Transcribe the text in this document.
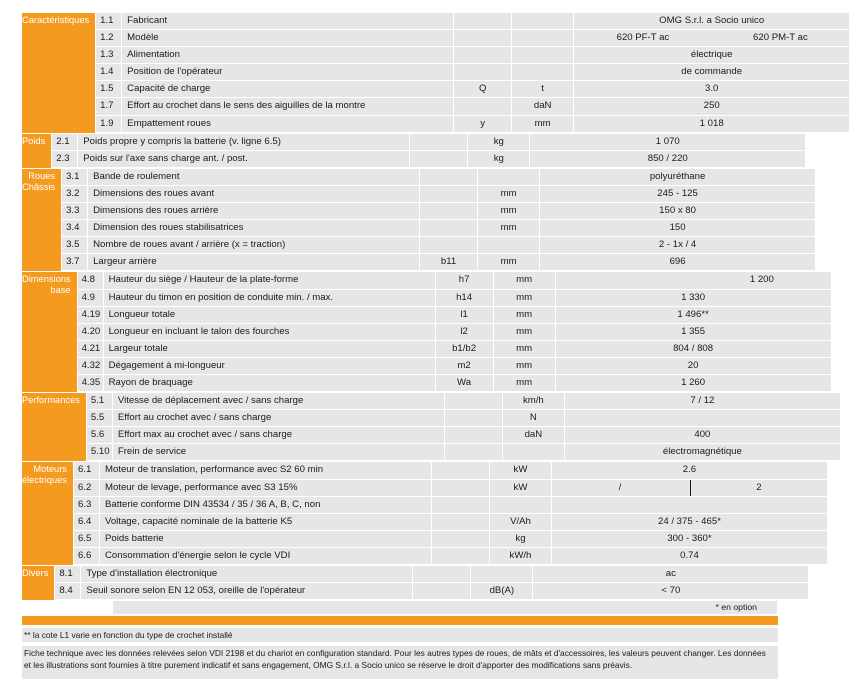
Caractéristiques	1.1	Fabricant	OMG S.r.l. a Socio unico
1.2	Modèle	620 PF-T ac	620 PM-T ac
1.3	Alimentation	électrique
1.4	Position de l'opérateur	de commande
1.5	Capacité de charge	Q	t	3.0
1.7	Effort au crochet dans le sens des aiguilles de la montre	daN	250
1.9	Empattement roues	y	mm	1 018
Poids	2.1	Poids propre y compris la batterie (v. ligne 6.5)	kg	1 070
2.3	Poids sur l'axe sans charge ant. / post.	kg	850 / 220
Roues
Châssis
3.1	Bande de roulement	polyuréthane
3.2	Dimensions des roues avant	mm	245 - 125
3.3	Dimensions des roues arrière	mm	150 x 80
3.4	Dimension des roues stabilisatrices	mm	150
3.5	Nombre de roues avant / arrière (x = traction)	2 - 1x / 4
3.7	Largeur arrière	b11	mm	696
Dimensions
base
4.8	Hauteur du siège / Hauteur de la plate-forme	h7	mm	1 200
4.9	Hauteur du timon en position de conduite min. / max.	h14	mm	1 330
4.19 Longueur totale	l1	mm	1 496**
4.20 Longueur en incluant le talon des fourches	l2	mm	1 355
4.21 Largeur totale	b1/b2	mm	804 / 808
4.32 Dégagement à mi-longueur	m2	mm	20
4.35 Rayon de braquage	Wa	mm	1 260
Performances	5.1	Vitesse de déplacement avec / sans charge	km/h	7 / 12
5.5	Effort au crochet avec / sans charge	N
5.6	Effort max au crochet avec / sans charge	daN	400
5.10 Frein de service	électromagnétique
Moteurs
électriques
6.1	Moteur de translation, performance avec S2 60 min	kW	2.6
6.2	Moteur de levage, performance avec S3 15%	kW	/	2
6.3	Batterie conforme DIN 43534 / 35 / 36 A, B, C, non
6.4	Voltage, capacité nominale de la batterie K5	V/Ah	24 / 375 - 465*
6.5	Poids batterie	kg	300 - 360*
6.6	Consommation d'énergie selon le cycle VDI	kW/h	0.74
Divers	8.1	Type d'installation électronique	ac
8.4	Seuil sonore selon EN 12 053, oreille de l'opérateur	dB(A)	< 70
* en option
** la cote L1 varie en fonction du type de crochet installé
Fiche technique avec les données relevées selon VDI 2198 et du chariot en configuration standard. Pour les autres types de roues, de mâts et d'accessoires, les valeurs peuvent changer. Les données et les illustrations sont fournies à titre purement indicatif et sans engagement, OMG S.r.l. a Socio unico se réserve le droit d'apporter des modifications sans préavis.
